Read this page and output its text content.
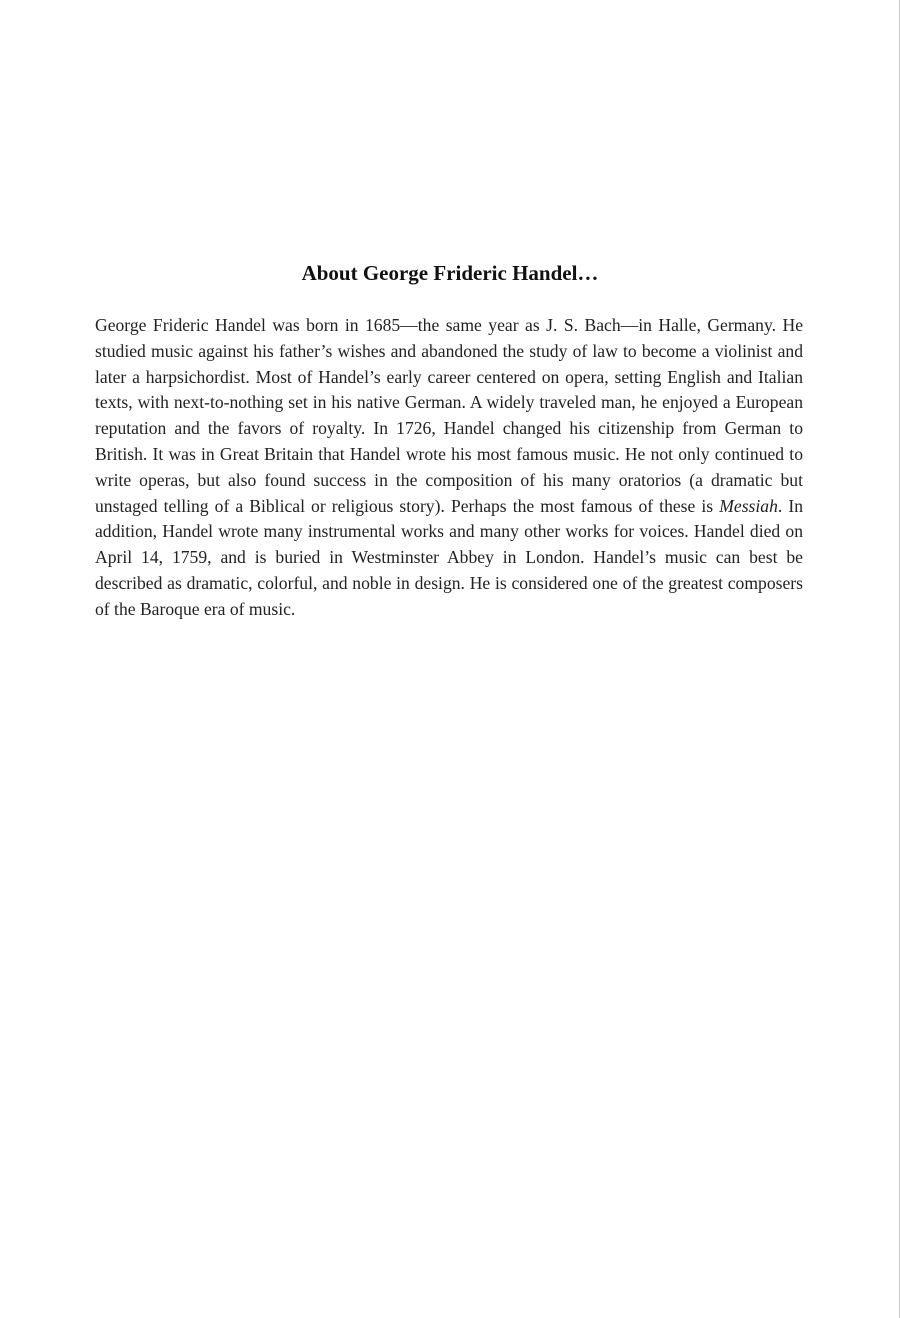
About George Frideric Handel…

George Frideric Handel was born in 1685—the same year as J. S. Bach—in Halle, Germany. He studied music against his father’s wishes and abandoned the study of law to become a violinist and later a harpsichordist. Most of Handel’s early career centered on opera, setting English and Italian texts, with next-to-nothing set in his native German. A widely traveled man, he enjoyed a European reputation and the favors of royalty. In 1726, Handel changed his citizenship from German to British. It was in Great Britain that Handel wrote his most famous music. He not only continued to write operas, but also found success in the composition of his many oratorios (a dramatic but unstaged telling of a Biblical or religious story). Perhaps the most famous of these is Messiah. In addition, Handel wrote many instrumental works and many other works for voices. Handel died on April 14, 1759, and is buried in Westminster Abbey in London. Handel’s music can best be described as dramatic, colorful, and noble in design. He is considered one of the greatest composers of the Baroque era of music.
